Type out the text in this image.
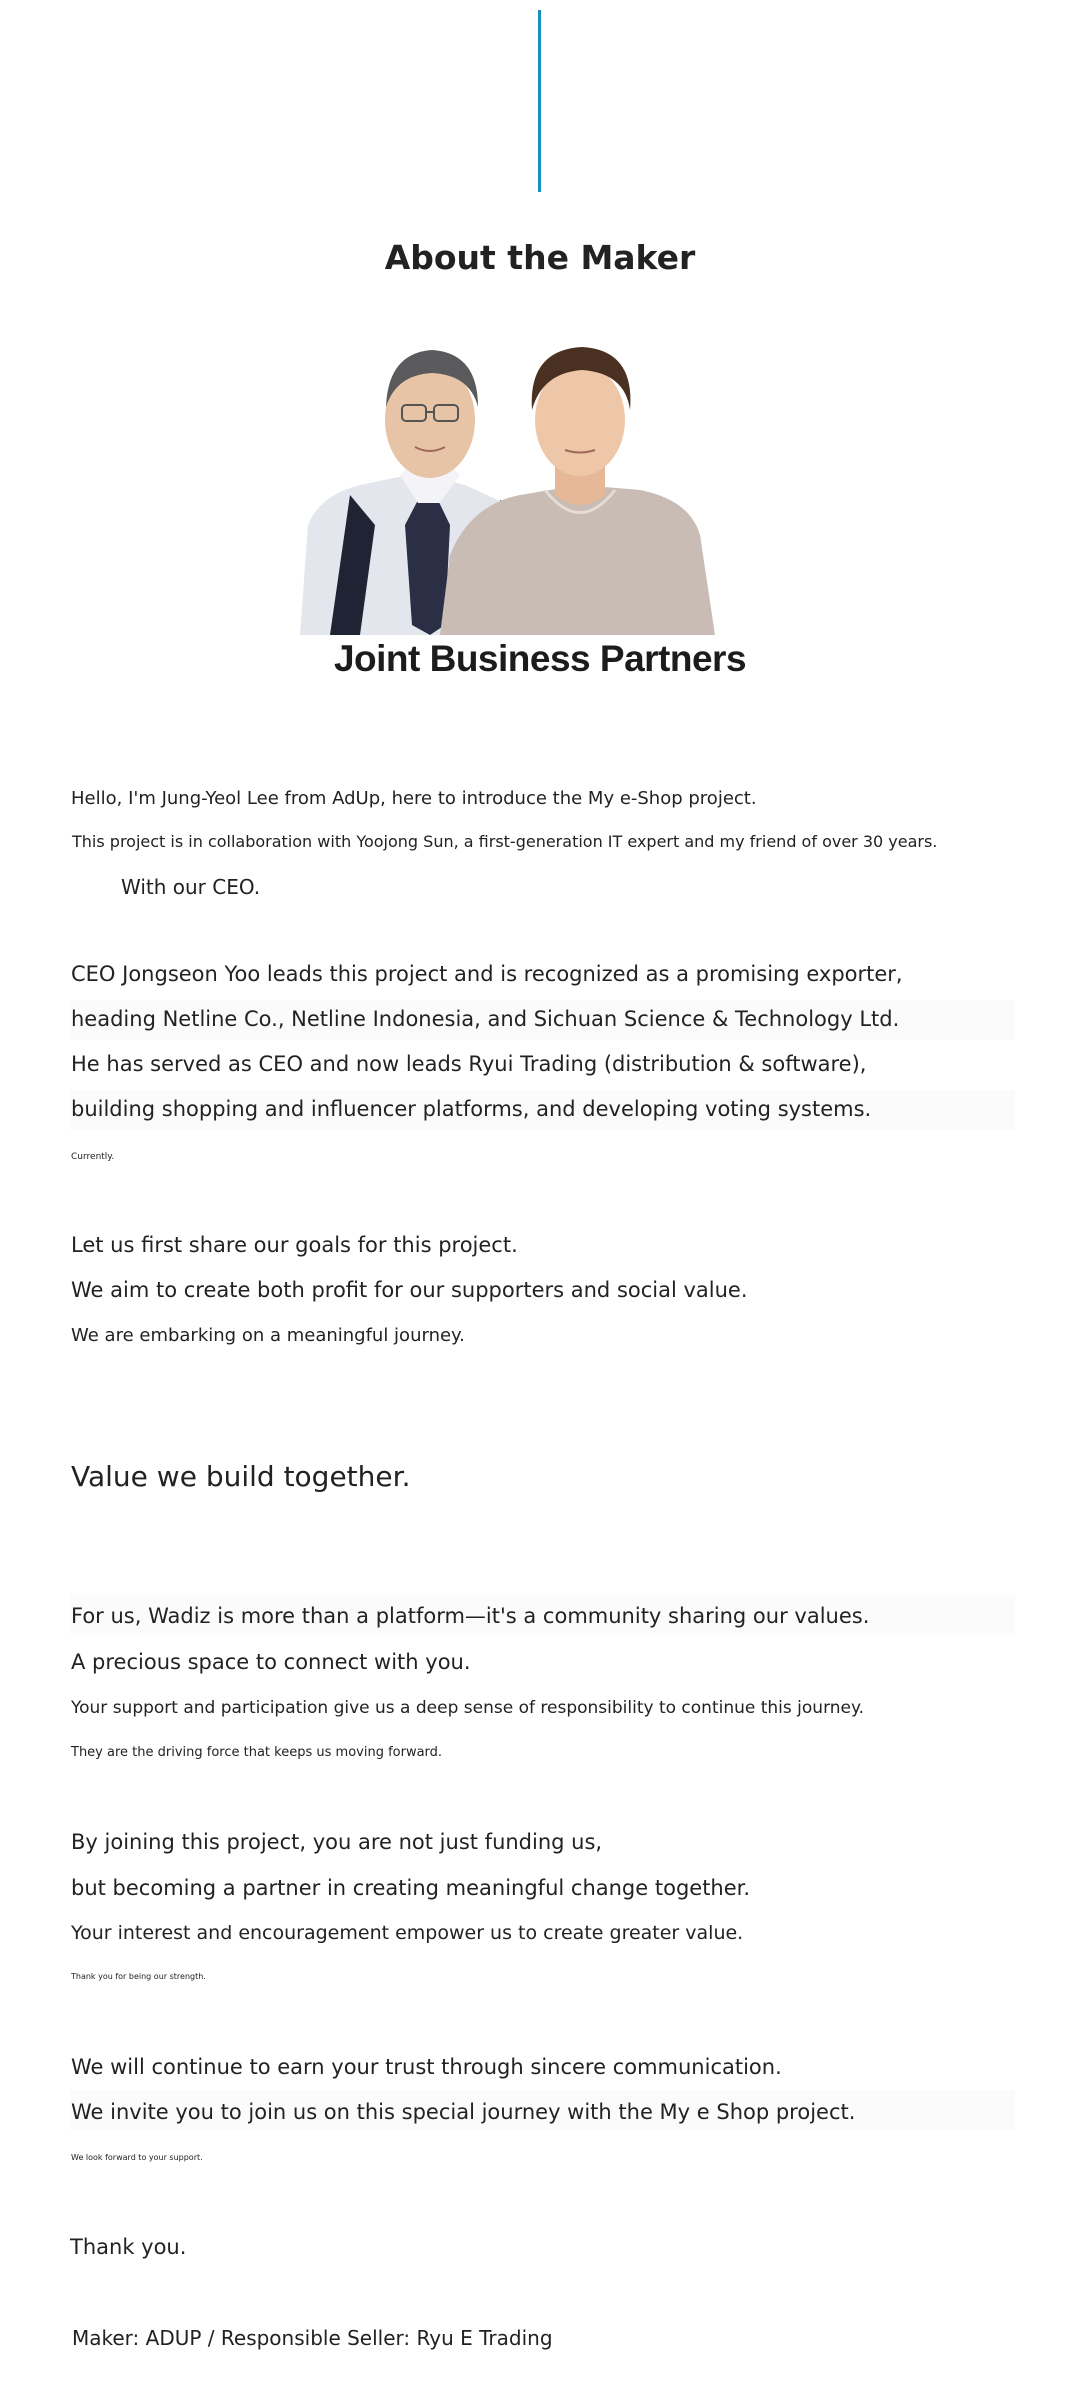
About the Maker
Joint Business Partners
Hello, I'm Jung-Yeol Lee from AdUp, here to introduce the My e-Shop project.
This project is in collaboration with Yoojong Sun, a first-generation IT expert and my friend of over 30 years.
With our CEO.
CEO Jongseon Yoo leads this project and is recognized as a promising exporter,
heading Netline Co., Netline Indonesia, and Sichuan Science & Technology Ltd.
He has served as CEO and now leads Ryui Trading (distribution & software),
building shopping and influencer platforms, and developing voting systems.
Currently.
Let us first share our goals for this project.
We aim to create both profit for our supporters and social value.
We are embarking on a meaningful journey.
Value we build together.
For us, Wadiz is more than a platform—it's a community sharing our values.
A precious space to connect with you.
Your support and participation give us a deep sense of responsibility to continue this journey.
They are the driving force that keeps us moving forward.
By joining this project, you are not just funding us,
but becoming a partner in creating meaningful change together.
Your interest and encouragement empower us to create greater value.
Thank you for being our strength.
We will continue to earn your trust through sincere communication.
We invite you to join us on this special journey with the My e Shop project.
We look forward to your support.
Thank you.
Maker: ADUP / Responsible Seller: Ryu E Trading
